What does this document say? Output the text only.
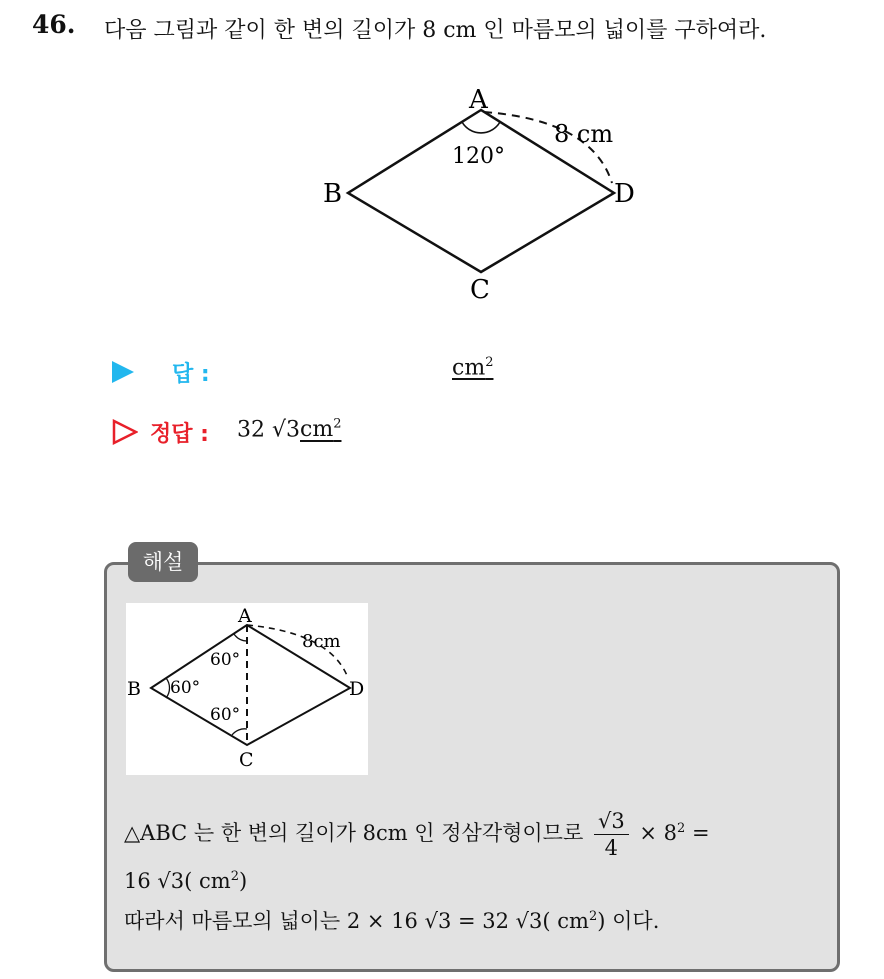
46. 다음 그림과 같이 한 변의 길이가 8 cm 인 마름모의 넓이를 구하여라.
A
B
C
D
120°
8 cm
답 :	$cm^2$
정답 : 32 $√3cm^2$
해설
A
B
C
D
60°
60°
60°
8cm
△ABC 는 한 변의 길이가 8cm 인 정삼각형이므로 $\frac{√3}{4} \times 8^2$ =
16 √3( $cm^2$)
따라서 마름모의 넓이는 2 × 16 √3 = 32 √3( $cm^2$) 이다.
